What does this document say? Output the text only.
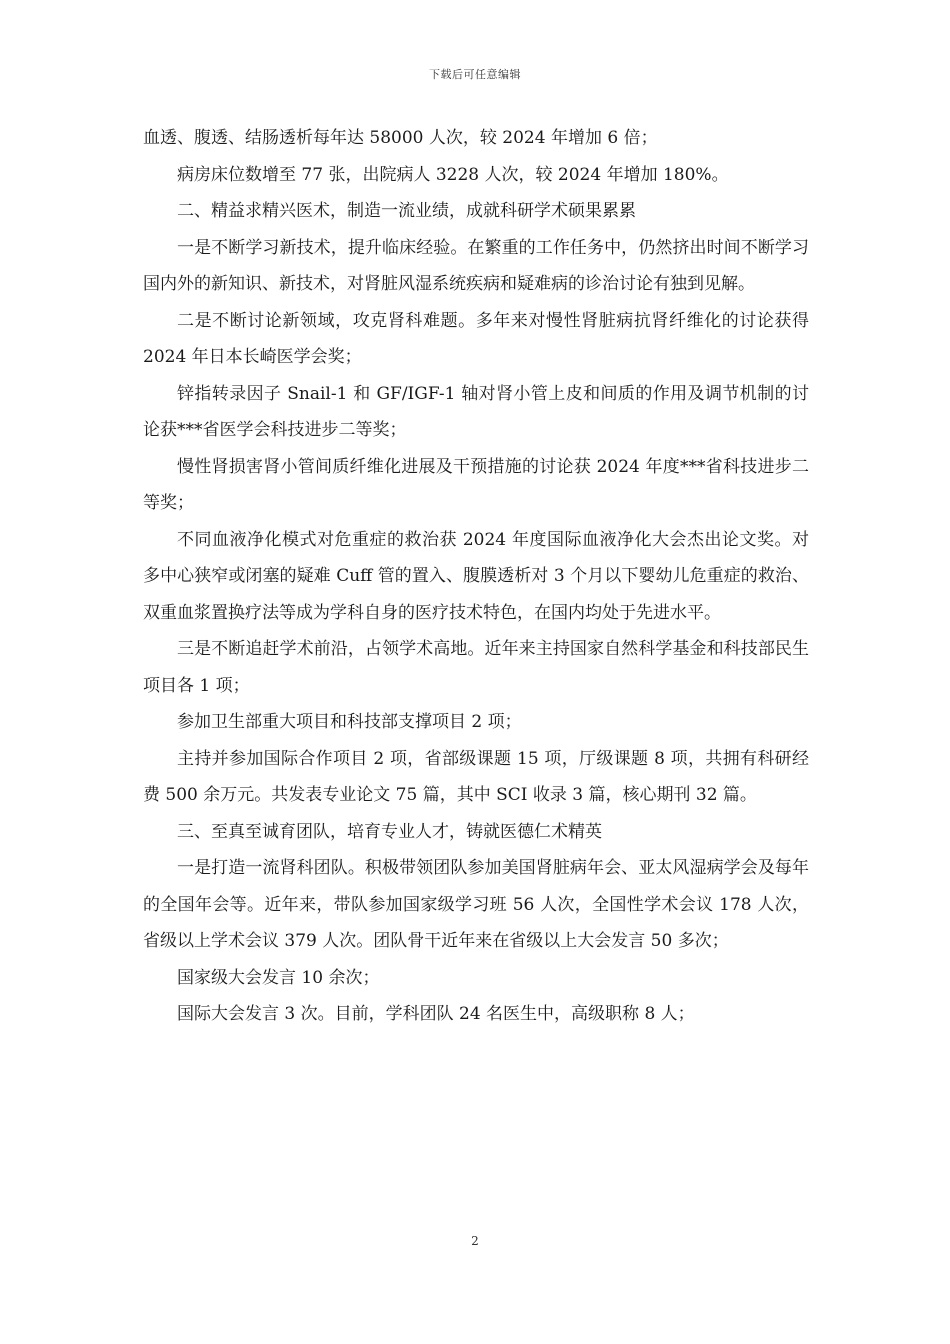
下载后可任意编辑

血透、腹透、结肠透析每年达 58000 人次，较 2024 年增加 6 倍；

病房床位数增至 77 张，出院病人 3228 人次，较 2024 年增加 180%。

二、精益求精兴医术，制造一流业绩，成就科研学术硕果累累

一是不断学习新技术，提升临床经验。在繁重的工作任务中，仍然挤出时间不断学习国内外的新知识、新技术，对肾脏风湿系统疾病和疑难病的诊治讨论有独到见解。

二是不断讨论新领域，攻克肾科难题。多年来对慢性肾脏病抗肾纤维化的讨论获得 2024 年日本长崎医学会奖；

锌指转录因子 Snail-1 和 GF/IGF-1 轴对肾小管上皮和间质的作用及调节机制的讨论获***省医学会科技进步二等奖；

慢性肾损害肾小管间质纤维化进展及干预措施的讨论获 2024 年度***省科技进步二等奖；

不同血液净化模式对危重症的救治获 2024 年度国际血液净化大会杰出论文奖。对多中心狭窄或闭塞的疑难 Cuff 管的置入、腹膜透析对 3 个月以下婴幼儿危重症的救治、双重血浆置换疗法等成为学科自身的医疗技术特色，在国内均处于先进水平。

三是不断追赶学术前沿，占领学术高地。近年来主持国家自然科学基金和科技部民生项目各 1 项；

参加卫生部重大项目和科技部支撑项目 2 项；

主持并参加国际合作项目 2 项，省部级课题 15 项，厅级课题 8 项，共拥有科研经费 500 余万元。共发表专业论文 75 篇，其中 SCI 收录 3 篇，核心期刊 32 篇。

三、至真至诚育团队，培育专业人才，铸就医德仁术精英

一是打造一流肾科团队。积极带领团队参加美国肾脏病年会、亚太风湿病学会及每年的全国年会等。近年来，带队参加国家级学习班 56 人次，全国性学术会议 178 人次，省级以上学术会议 379 人次。团队骨干近年来在省级以上大会发言 50 多次；

国家级大会发言 10 余次；

国际大会发言 3 次。目前，学科团队 24 名医生中，高级职称 8 人；

2
